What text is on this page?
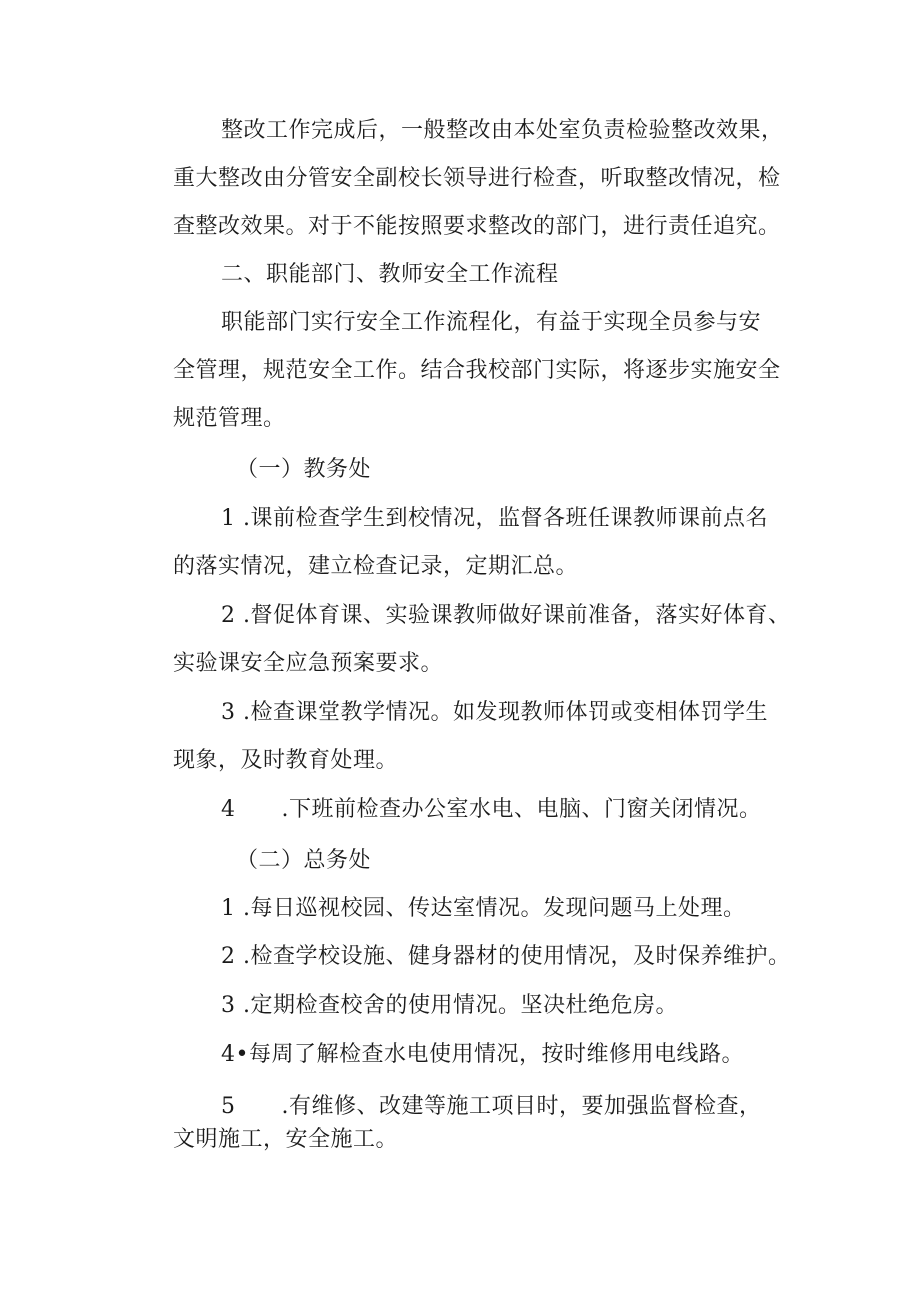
整改工作完成后，一般整改由本处室负责检验整改效果，
重大整改由分管安全副校长领导进行检查，听取整改情况，检
查整改效果。对于不能按照要求整改的部门，进行责任追究。
二、职能部门、教师安全工作流程
职能部门实行安全工作流程化，有益于实现全员参与安
全管理，规范安全工作。结合我校部门实际，将逐步实施安全
规范管理。
（一）教务处
1 .课前检查学生到校情况，监督各班任课教师课前点名
的落实情况，建立检查记录，定期汇总。
2 .督促体育课、实验课教师做好课前准备，落实好体育、
实验课安全应急预案要求。
3 .检查课堂教学情况。如发现教师体罚或变相体罚学生
现象，及时教育处理。
4 .下班前检查办公室水电、电脑、门窗关闭情况。
（二）总务处
1 .每日巡视校园、传达室情况。发现问题马上处理。
2 .检查学校设施、健身器材的使用情况，及时保养维护。
3 .定期检查校舍的使用情况。坚决杜绝危房。
4•每周了解检查水电使用情况，按时维修用电线路。
5 .有维修、改建等施工项目时，要加强监督检查，
文明施工，安全施工。
